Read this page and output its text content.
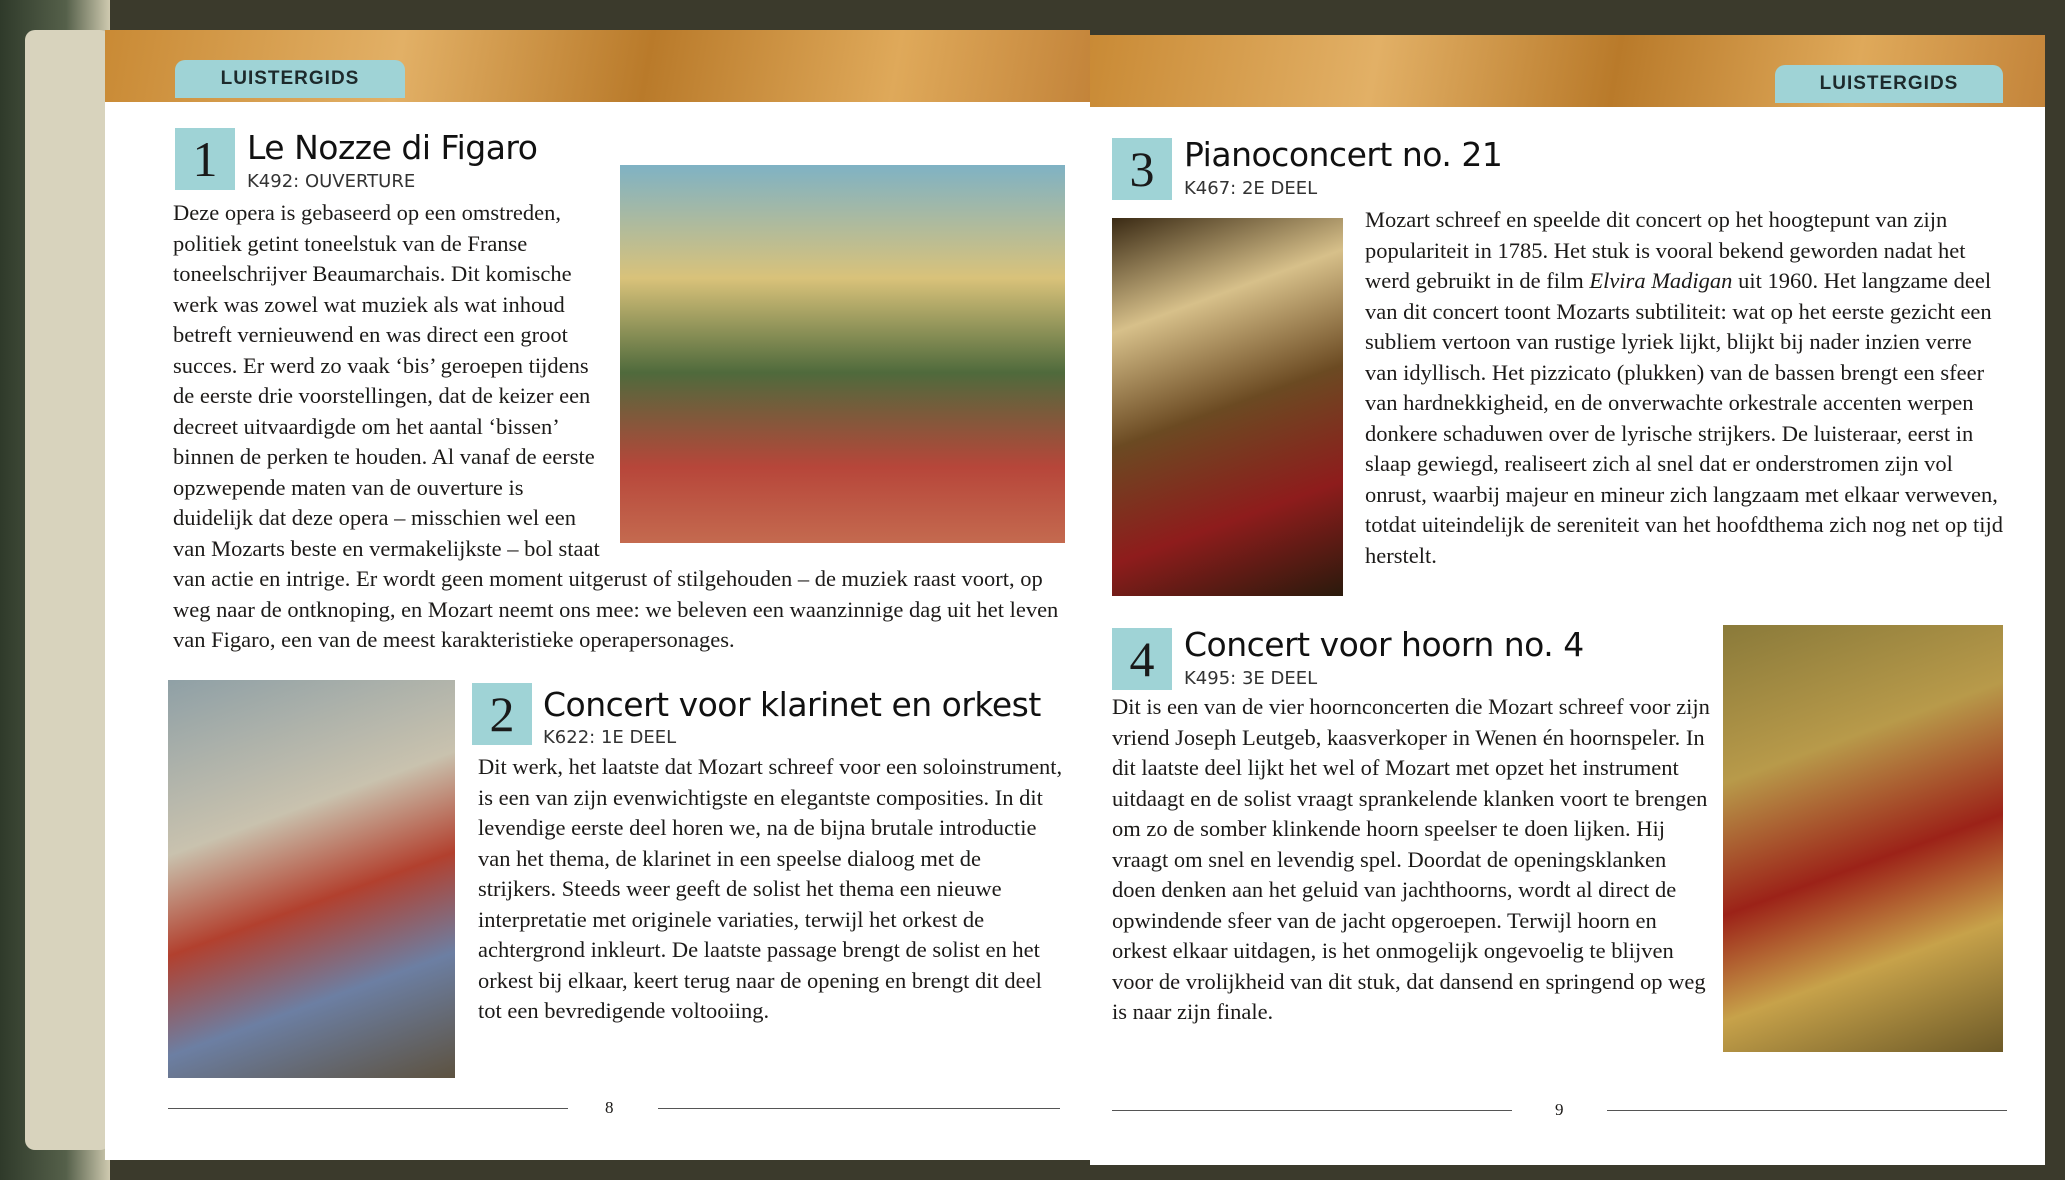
LUISTERGIDS
1 Le Nozze di Figaro
K492: OUVERTURE
Deze opera is gebaseerd op een omstreden, politiek getint toneelstuk van de Franse toneelschrijver Beaumarchais. Dit komische werk was zowel wat muziek als wat inhoud betreft vernieuwend en was direct een groot succes. Er werd zo vaak ‘bis’ geroepen tijdens de eerste drie voorstellingen, dat de keizer een decreet uitvaardigde om het aantal ‘bissen’ binnen de perken te houden. Al vanaf de eerste opzwepende maten van de ouverture is duidelijk dat deze opera – misschien wel een van Mozarts beste en vermakelijkste – bol staat van actie en intrige. Er wordt geen moment uitgerust of stilgehouden – de muziek raast voort, op weg naar de ontknoping, en Mozart neemt ons mee: we beleven een waanzinnige dag uit het leven van Figaro, een van de meest karakteristieke operapersonages.
2 Concert voor klarinet en orkest
K622: 1E DEEL
Dit werk, het laatste dat Mozart schreef voor een soloinstrument, is een van zijn evenwichtigste en elegantste composities. In dit levendige eerste deel horen we, na de bijna brutale introductie van het thema, de klarinet in een speelse dialoog met de strijkers. Steeds weer geeft de solist het thema een nieuwe interpretatie met originele variaties, terwijl het orkest de achtergrond inkleurt. De laatste passage brengt de solist en het orkest bij elkaar, keert terug naar de opening en brengt dit deel tot een bevredigende voltooiing.
8
LUISTERGIDS
3 Pianoconcert no. 21
K467: 2E DEEL
Mozart schreef en speelde dit concert op het hoogtepunt van zijn populariteit in 1785. Het stuk is vooral bekend geworden nadat het werd gebruikt in de film Elvira Madigan uit 1960. Het langzame deel van dit concert toont Mozarts subtiliteit: wat op het eerste gezicht een subliem vertoon van rustige lyriek lijkt, blijkt bij nader inzien verre van idyllisch. Het pizzicato (plukken) van de bassen brengt een sfeer van hardnekkigheid, en de onverwachte orkestrale accenten werpen donkere schaduwen over de lyrische strijkers. De luisteraar, eerst in slaap gewiegd, realiseert zich al snel dat er onderstromen zijn vol onrust, waarbij majeur en mineur zich langzaam met elkaar verweven, totdat uiteindelijk de sereniteit van het hoofdthema zich nog net op tijd herstelt.
4 Concert voor hoorn no. 4
K495: 3E DEEL
Dit is een van de vier hoornconcerten die Mozart schreef voor zijn vriend Joseph Leutgeb, kaasverkoper in Wenen én hoornspeler. In dit laatste deel lijkt het wel of Mozart met opzet het instrument uitdaagt en de solist vraagt sprankelende klanken voort te brengen om zo de somber klinkende hoorn speelser te doen lijken. Hij vraagt om snel en levendig spel. Doordat de openingsklanken doen denken aan het geluid van jachthoorns, wordt al direct de opwindende sfeer van de jacht opgeroepen. Terwijl hoorn en orkest elkaar uitdagen, is het onmogelijk ongevoelig te blijven voor de vrolijkheid van dit stuk, dat dansend en springend op weg is naar zijn finale.
9
